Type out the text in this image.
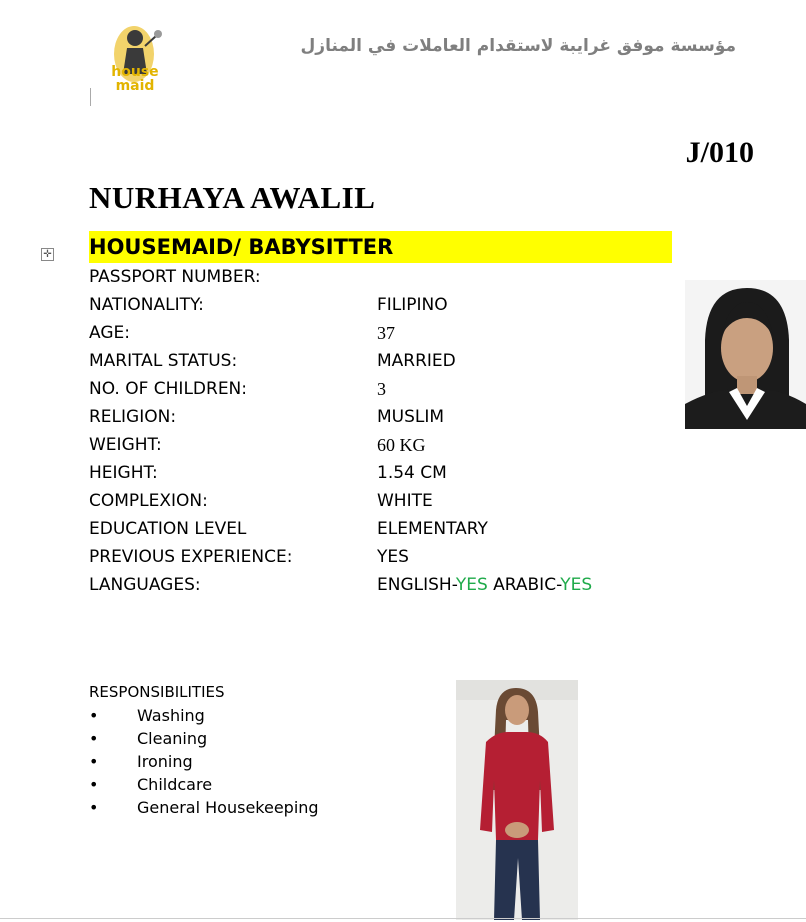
house
maid
مؤسسة موفق غرايبة لاستقدام العاملات في المنازل
J/010
NURHAYA AWALIL
✛ HOUSEMAID/ BABYSITTER
PASSPORT NUMBER:
NATIONALITY:	FILIPINO
AGE:	37
MARITAL STATUS:	MARRIED
NO. OF CHILDREN:	3
RELIGION:	MUSLIM
WEIGHT:	60 KG
HEIGHT:	1.54 CM
COMPLEXION:	WHITE
EDUCATION LEVEL	ELEMENTARY
PREVIOUS EXPERIENCE:	YES
LANGUAGES:	ENGLISH-YES ARABIC-YES
RESPONSIBILITIES
•	Washing
•	Cleaning
•	Ironing
•	Childcare
•	General Housekeeping
